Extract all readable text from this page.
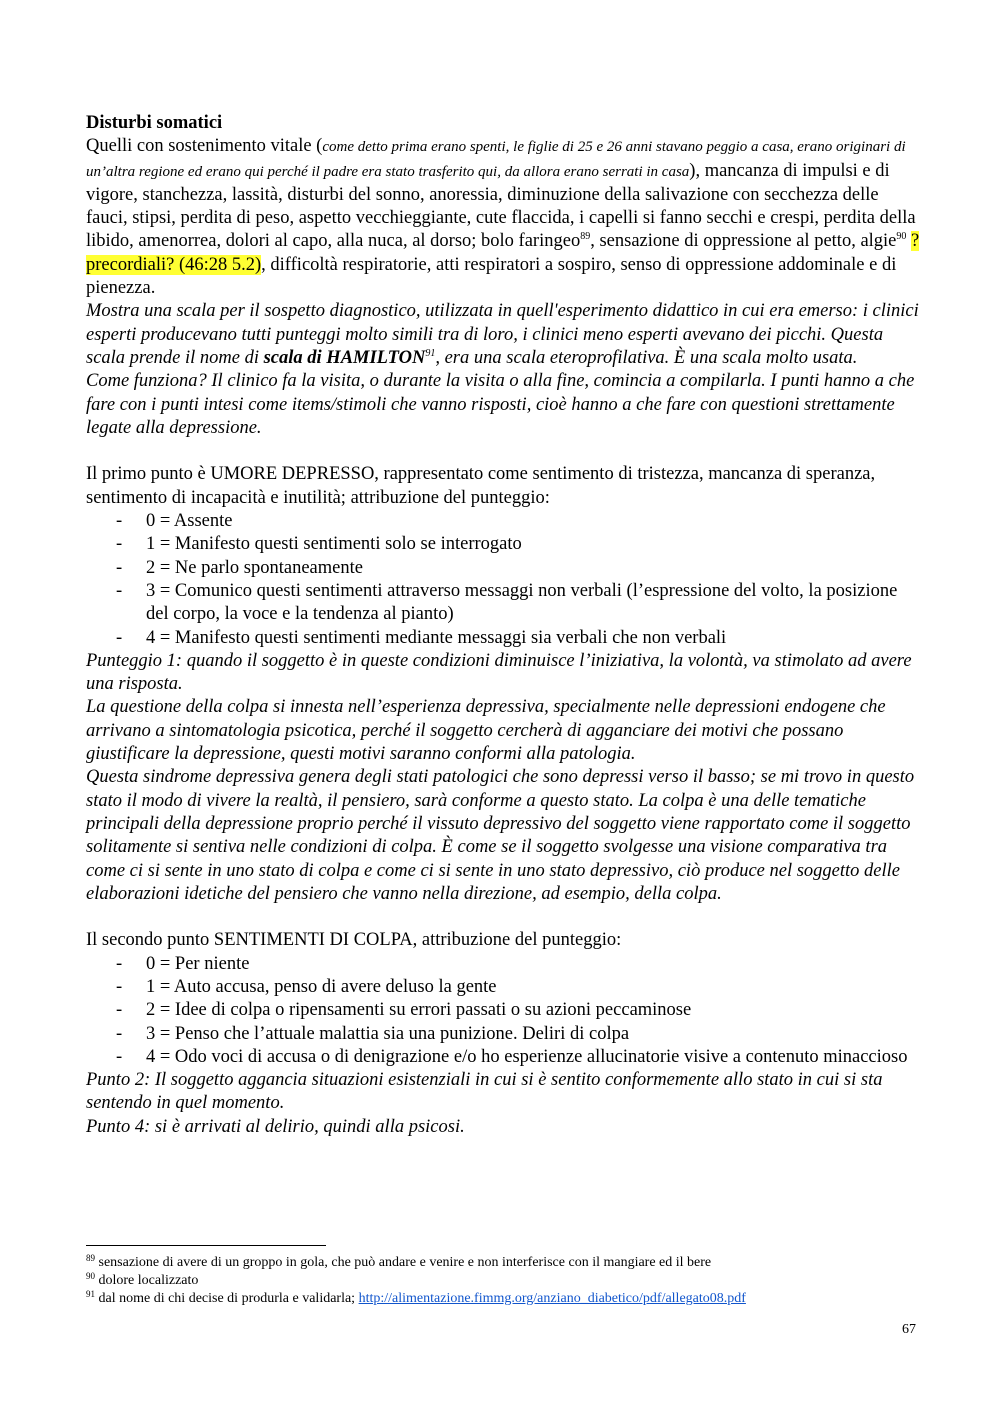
Disturbi somatici

Quelli con sostenimento vitale (come detto prima erano spenti, le figlie di 25 e 26 anni stavano peggio a casa, erano originari di un’altra regione ed erano qui perché il padre era stato trasferito qui, da allora erano serrati in casa), mancanza di impulsi e di vigore, stanchezza, lassità, disturbi del sonno, anoressia, diminuzione della salivazione con secchezza delle fauci, stipsi, perdita di peso, aspetto vecchieggiante, cute flaccida, i capelli si fanno secchi e crespi, perdita della libido, amenorrea, dolori al capo, alla nuca, al dorso; bolo faringeo$^{89}$, sensazione di oppressione al petto, algie$^{90}$ ?precordiali? (46:28 5.2), difficoltà respiratorie, atti respiratori a sospiro, senso di oppressione addominale e di pienezza.

Mostra una scala per il sospetto diagnostico, utilizzata in quell'esperimento didattico in cui era emerso: i clinici esperti producevano tutti punteggi molto simili tra di loro, i clinici meno esperti avevano dei picchi. Questa scala prende il nome di scala di HAMILTON$^{91}$, era una scala eteroprofilativa. È una scala molto usata.

Come funziona? Il clinico fa la visita, o durante la visita o alla fine, comincia a compilarla. I punti hanno a che fare con i punti intesi come items/stimoli che vanno risposti, cioè hanno a che fare con questioni strettamente legate alla depressione.

Il primo punto è UMORE DEPRESSO, rappresentato come sentimento di tristezza, mancanza di speranza, sentimento di incapacità e inutilità; attribuzione del punteggio:

- 0 = Assente
- 1 = Manifesto questi sentimenti solo se interrogato
- 2 = Ne parlo spontaneamente
- 3 = Comunico questi sentimenti attraverso messaggi non verbali (l’espressione del volto, la posizione del corpo, la voce e la tendenza al pianto)
- 4 = Manifesto questi sentimenti mediante messaggi sia verbali che non verbali

Punteggio 1: quando il soggetto è in queste condizioni diminuisce l’iniziativa, la volontà, va stimolato ad avere una risposta.

La questione della colpa si innesta nell’esperienza depressiva, specialmente nelle depressioni endogene che arrivano a sintomatologia psicotica, perché il soggetto cercherà di agganciare dei motivi che possano giustificare la depressione, questi motivi saranno conformi alla patologia.

Questa sindrome depressiva genera degli stati patologici che sono depressi verso il basso; se mi trovo in questo stato il modo di vivere la realtà, il pensiero, sarà conforme a questo stato. La colpa è una delle tematiche principali della depressione proprio perché il vissuto depressivo del soggetto viene rapportato come il soggetto solitamente si sentiva nelle condizioni di colpa. È come se il soggetto svolgesse una visione comparativa tra come ci si sente in uno stato di colpa e come ci si sente in uno stato depressivo, ciò produce nel soggetto delle elaborazioni idetiche del pensiero che vanno nella direzione, ad esempio, della colpa.

Il secondo punto SENTIMENTI DI COLPA, attribuzione del punteggio:

- 0 = Per niente
- 1 = Auto accusa, penso di avere deluso la gente
- 2 = Idee di colpa o ripensamenti su errori passati o su azioni peccaminose
- 3 = Penso che l’attuale malattia sia una punizione. Deliri di colpa
- 4 = Odo voci di accusa o di denigrazione e/o ho esperienze allucinatorie visive a contenuto minaccioso

Punto 2: Il soggetto aggancia situazioni esistenziali in cui si è sentito conformemente allo stato in cui si sta sentendo in quel momento.

Punto 4: si è arrivati al delirio, quindi alla psicosi.

$^{89}$ sensazione di avere di un groppo in gola, che può andare e venire e non interferisce con il mangiare ed il bere
$^{90}$ dolore localizzato
$^{91}$ dal nome di chi decise di produrla e validarla; http://alimentazione.fimmg.org/anziano_diabetico/pdf/allegato08.pdf
67
